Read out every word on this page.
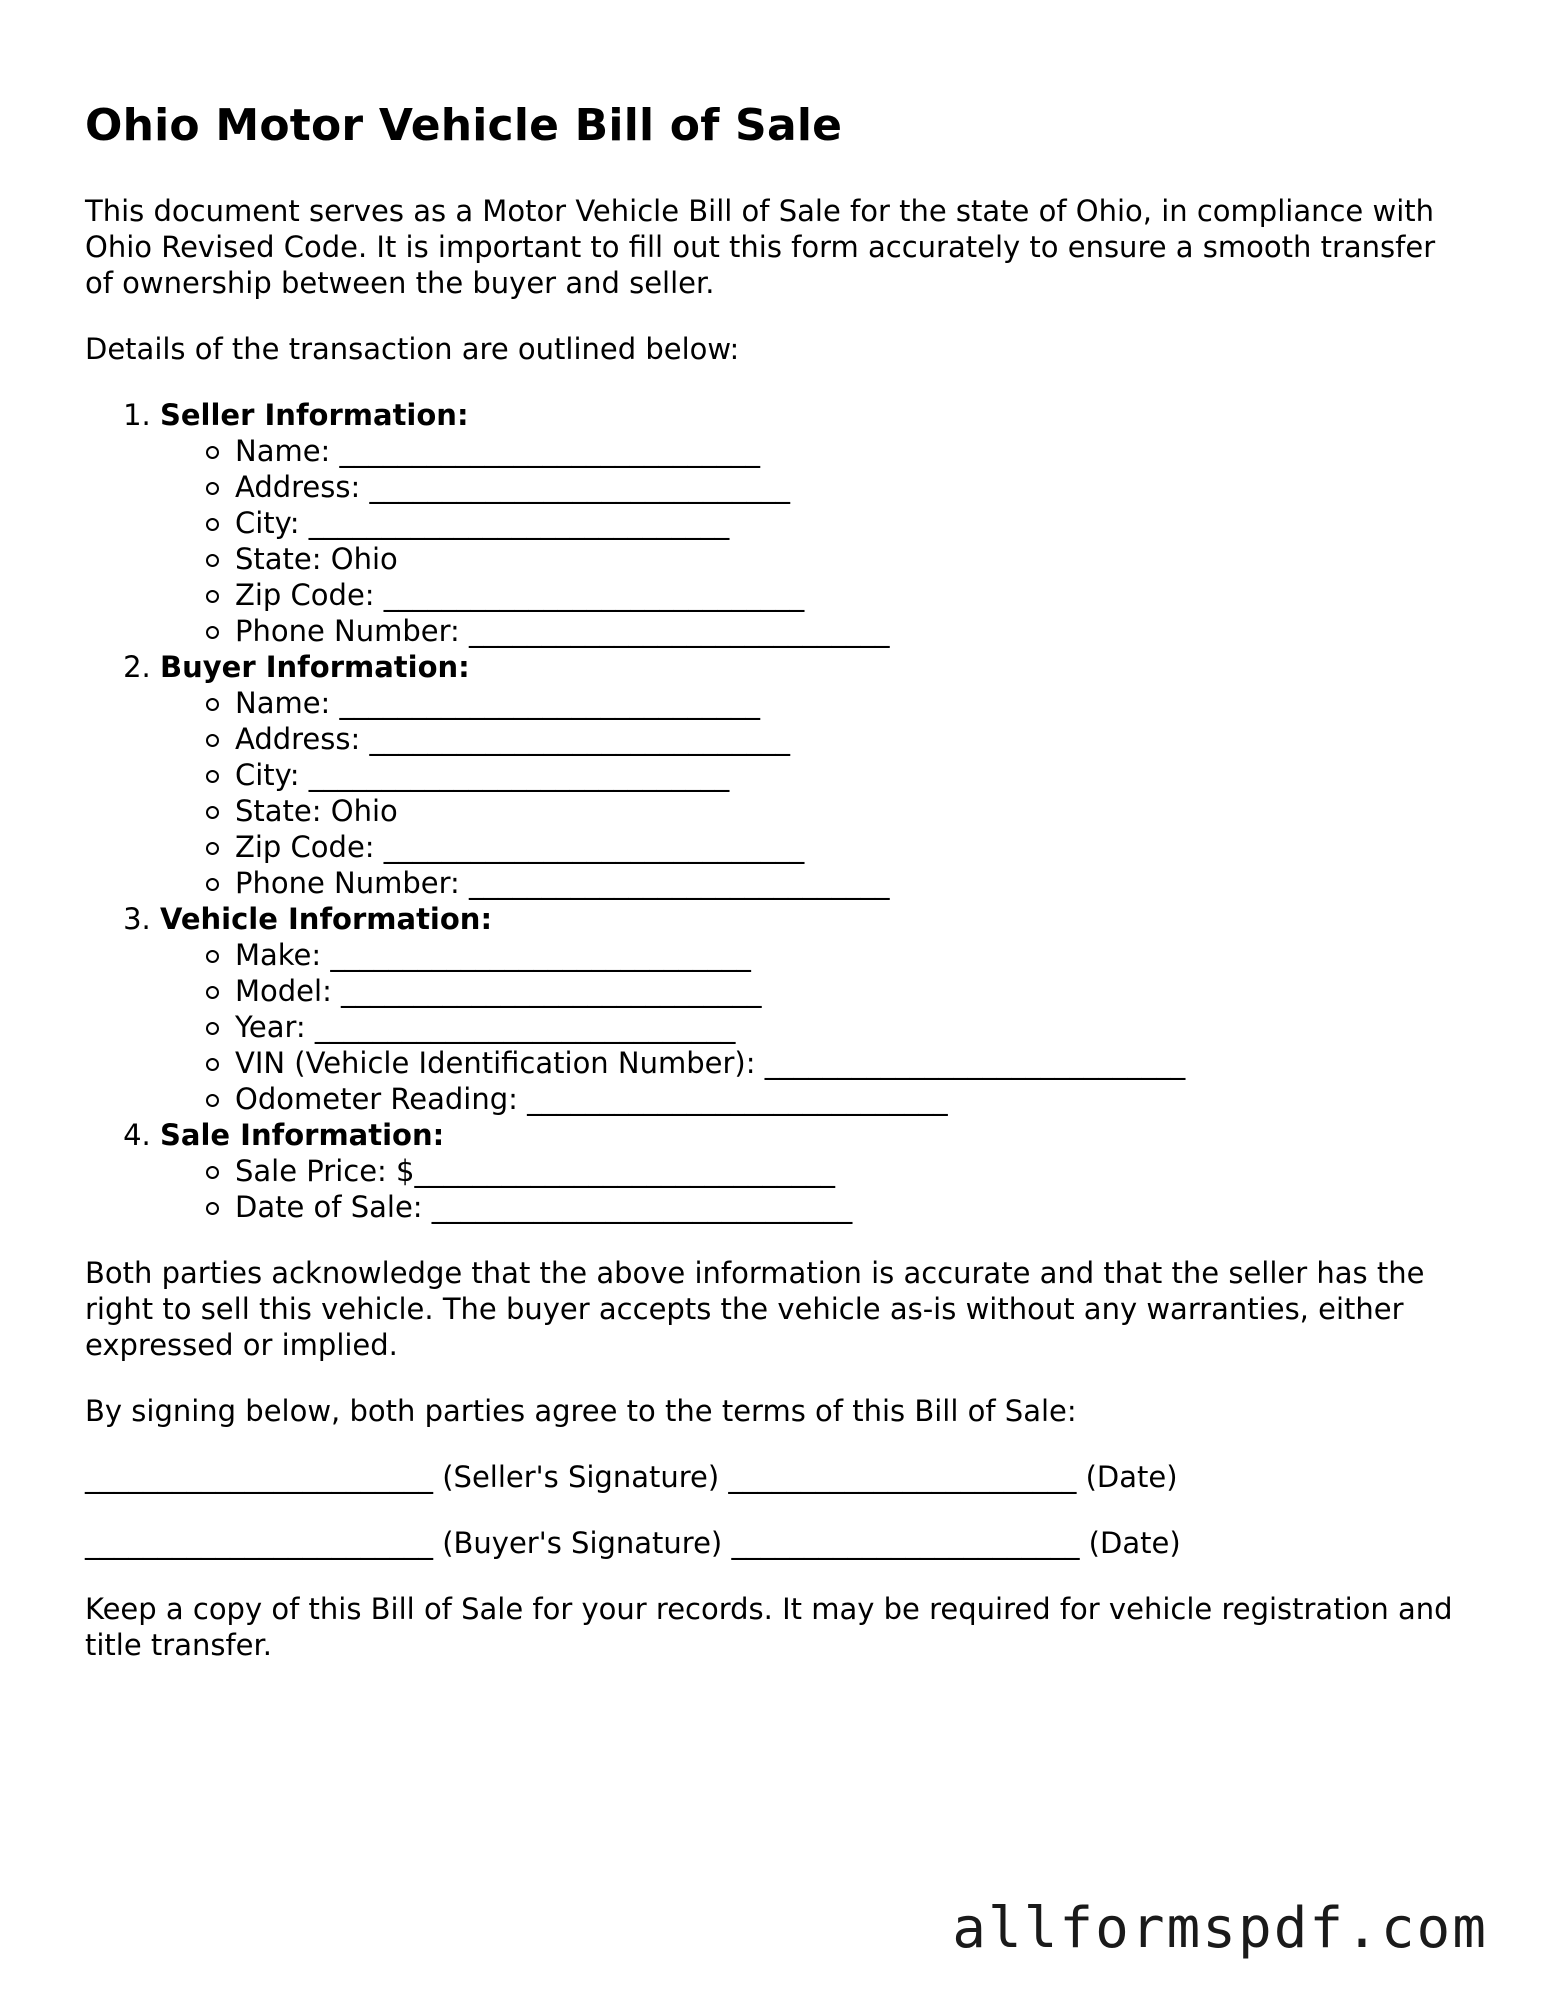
Ohio Motor Vehicle Bill of Sale

This document serves as a Motor Vehicle Bill of Sale for the state of Ohio, in compliance with Ohio Revised Code. It is important to fill out this form accurately to ensure a smooth transfer of ownership between the buyer and seller.

Details of the transaction are outlined below:

1. Seller Information:
Name: _____________________________
Address: _____________________________
City: _____________________________
State: Ohio
Zip Code: _____________________________
Phone Number: _____________________________
2. Buyer Information:
Name: _____________________________
Address: _____________________________
City: _____________________________
State: Ohio
Zip Code: _____________________________
Phone Number: _____________________________
3. Vehicle Information:
Make: _____________________________
Model: _____________________________
Year: _____________________________
VIN (Vehicle Identification Number): _____________________________
Odometer Reading: _____________________________
4. Sale Information:
Sale Price: $_____________________________
Date of Sale: _____________________________

Both parties acknowledge that the above information is accurate and that the seller has the right to sell this vehicle. The buyer accepts the vehicle as-is without any warranties, either expressed or implied.

By signing below, both parties agree to the terms of this Bill of Sale:

________________________ (Seller's Signature) ________________________ (Date)

________________________ (Buyer's Signature) ________________________ (Date)

Keep a copy of this Bill of Sale for your records. It may be required for vehicle registration and title transfer.

allformspdf.com
